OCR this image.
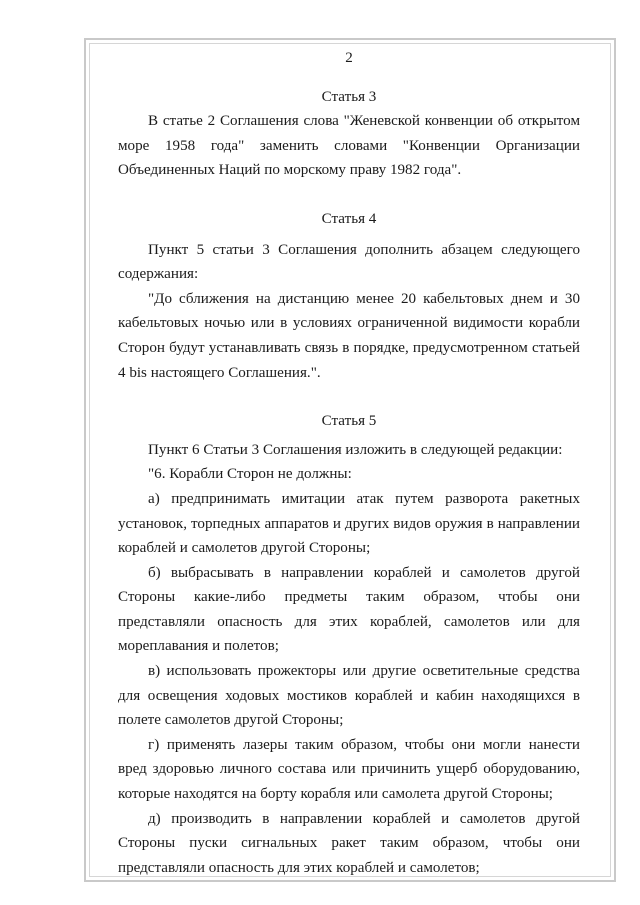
2
Статья 3

В статье 2 Соглашения слова "Женевской конвенции об открытом море 1958 года" заменить словами "Конвенции Организации Объединенных Наций по морскому праву 1982 года".

Статья 4

Пункт 5 статьи 3 Соглашения дополнить абзацем следующего содержания:

"До сближения на дистанцию менее 20 кабельтовых днем и 30 кабельтовых ночью или в условиях ограниченной видимости корабли Сторон будут устанавливать связь в порядке, предусмотренном статьей 4 bis настоящего Соглашения.".

Статья 5

Пункт 6 Статьи 3 Соглашения изложить в следующей редакции:

"6. Корабли Сторон не должны:

а) предпринимать имитации атак путем разворота ракетных установок, торпедных аппаратов и других видов оружия в направлении кораблей и самолетов другой Стороны;

б) выбрасывать в направлении кораблей и самолетов другой Стороны какие-либо предметы таким образом, чтобы они представляли опасность для этих кораблей, самолетов или для мореплавания и полетов;

в) использовать прожекторы или другие осветительные средства для освещения ходовых мостиков кораблей и кабин находящихся в полете самолетов другой Стороны;

г) применять лазеры таким образом, чтобы они могли нанести вред здоровью личного состава или причинить ущерб оборудованию, которые находятся на борту корабля или самолета другой Стороны;

д) производить в направлении кораблей и самолетов другой Стороны пуски сигнальных ракет таким образом, чтобы они представляли опасность для этих кораблей и самолетов;
